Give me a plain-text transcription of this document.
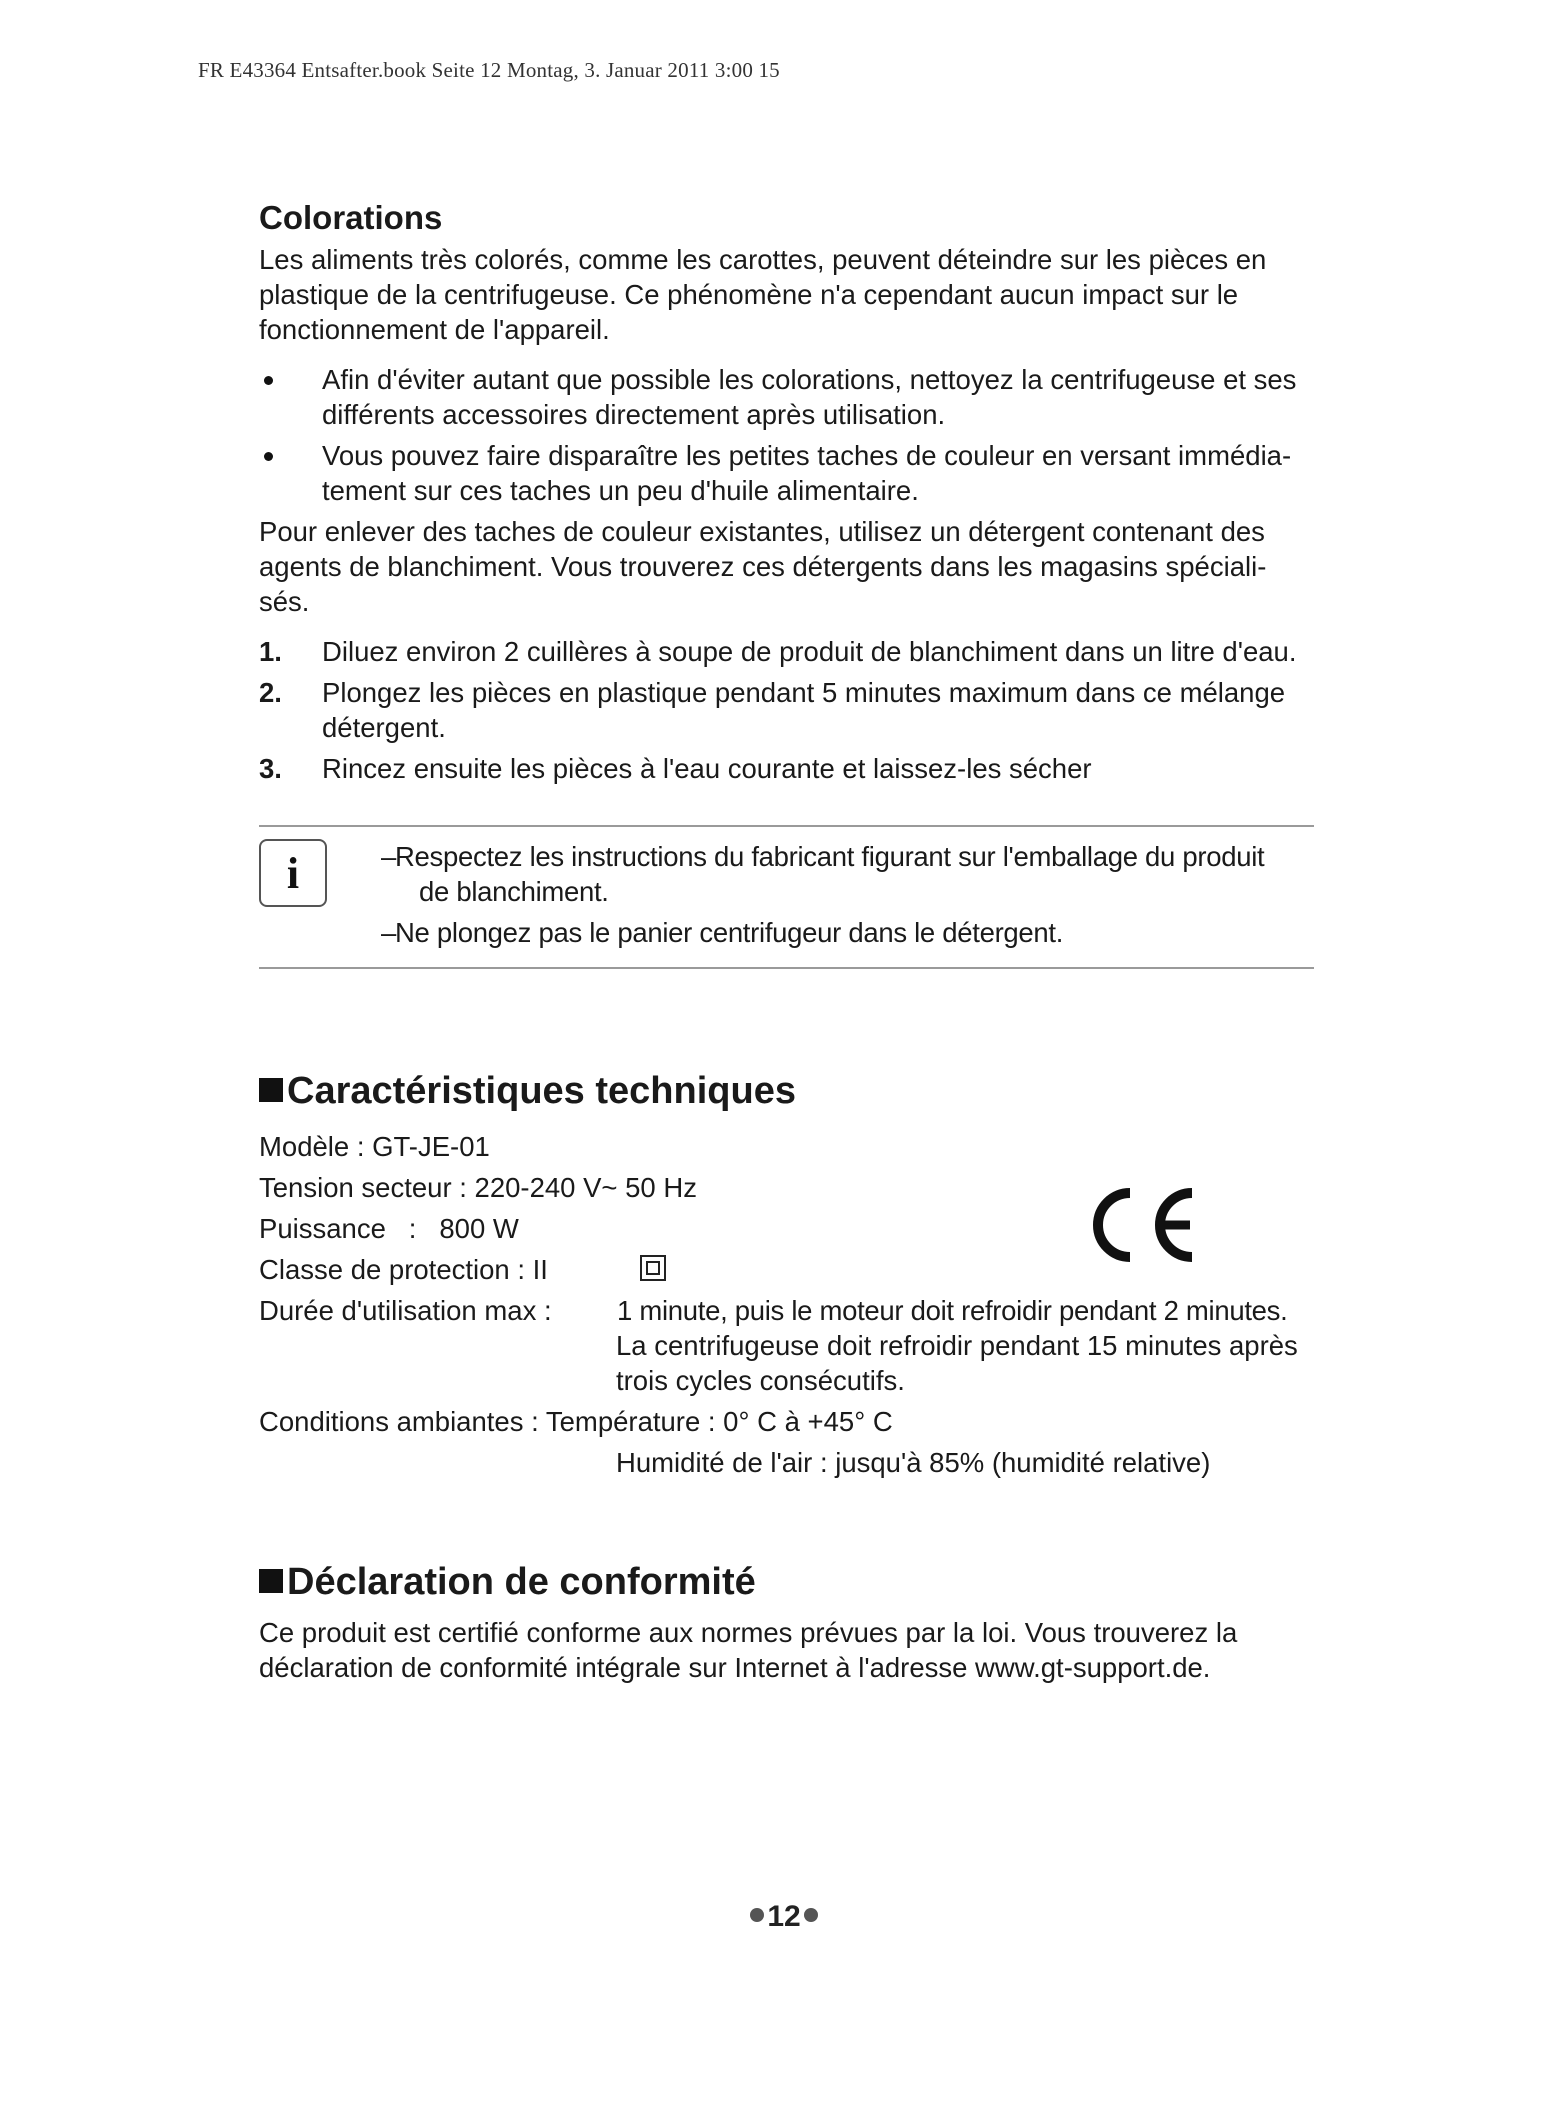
FR E43364 Entsafter.book Seite 12 Montag, 3. Januar 2011 3:00 15
Colorations

Les aliments très colorés, comme les carottes, peuvent déteindre sur les pièces en

plastique de la centrifugeuse. Ce phénomène n'a cependant aucun impact sur le

fonctionnement de l'appareil.

Afin d'éviter autant que possible les colorations, nettoyez la centrifugeuse et ses
différents accessoires directement après utilisation.
Vous pouvez faire disparaître les petites taches de couleur en versant immédia-
tement sur ces taches un peu d'huile alimentaire.

Pour enlever des taches de couleur existantes, utilisez un détergent contenant des

agents de blanchiment. Vous trouverez ces détergents dans les magasins spéciali-

sés.

1. Diluez environ 2 cuillères à soupe de produit de blanchiment dans un litre d'eau.
2. Plongez les pièces en plastique pendant 5 minutes maximum dans ce mélange
détergent.
3. Rincez ensuite les pièces à l'eau courante et laissez-les sécher
i	– Respectez les instructions du fabricant figurant sur l'emballage du produit
de blanchiment.
– Ne plongez pas le panier centrifugeur dans le détergent.
Caractéristiques techniques
Modèle : GT-JE-01
Tension secteur : 220-240 V~ 50 Hz
Puissance   :   800 W
Classe de protection : II
Durée d'utilisation max : 1 minute, puis le moteur doit refroidir pendant 2 minutes.
La centrifugeuse doit refroidir pendant 15 minutes après
trois cycles consécutifs.
Conditions ambiantes : Température : 0° C à +45° C
Humidité de l'air : jusqu'à 85% (humidité relative)
Déclaration de conformité

Ce produit est certifié conforme aux normes prévues par la loi. Vous trouverez la

déclaration de conformité intégrale sur Internet à l'adresse www.gt-support.de.

12
